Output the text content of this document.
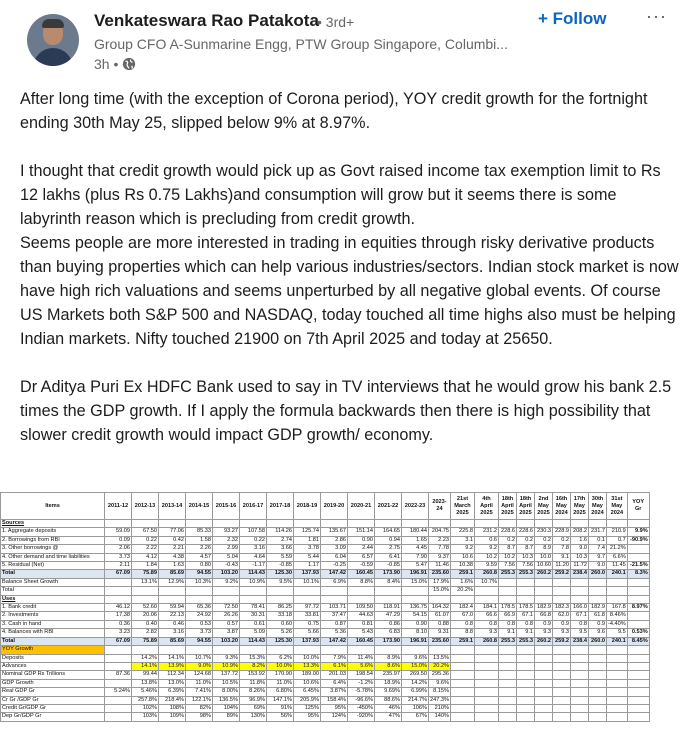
Venkateswara Rao Patakota
• 3rd+
Group CFO A-Sunmarine Engg, PTW Group Singapore, Columbi...
3h •
+ Follow ···

After long time (with the exception of Corona period), YOY credit growth for the fortnight ending 30th May 25, slipped below 9% at 8.97%.

I thought that credit growth would pick up as Govt raised income tax exemption limit to Rs 12 lakhs (plus Rs 0.75 Lakhs)and consumption will grow but it seems there is some labyrinth reason which is precluding from credit growth.

Seems people are more interested in trading in equities through risky derivative products than buying properties which can help various industries/sectors. Indian stock market is now have high rich valuations and seems unperturbed by all negative global events. Of course US Markets both S&P 500 and NASDAQ, today touched all time highs also must be helping Indian markets. Nifty touched 21900 on 7th April 2025 and today at 25650.

Dr Aditya Puri Ex HDFC Bank used to say in TV interviews that he would grow his bank 2.5 times the GDP growth. If I apply the formula backwards then there is high possibility that slower credit growth would impact GDP growth/ economy.

Items	2011-12	2012-13	2013-14	2014-15	2015-16	2016-17	2017-18	2018-19	2019-20	2020-21	2021-22	2022-23	2023-24	21st March 2025	4th April 2025	18th April 2025	18th April 2025	2nd May 2025	16th May 2024	17th May 2025	30th May 2024	31st May 2024	YOY Gr
Sources																							
1. Aggregate deposits	59.09	67.50	77.06	85.33	93.27	107.58	114.26	125.74	135.67	151.14	164.65	180.44	204.75	225.8	231.2	228.6	228.6	230.3	228.9	208.2	231.7	210.9	9.9%
2. Borrowings from RBI	0.09	0.22	0.42	1.58	2.32	0.22	2.74	1.81	2.86	0.90	0.94	1.65	2.23	3.1	0.6	0.2	0.2	0.2	0.2	1.6	0.1	0.7	-90.9%
3. Other borrowings @	2.06	2.22	2.21	2.26	2.99	3.16	3.66	3.78	3.09	2.44	2.75	4.45	7.78	9.2	9.2	8.7	8.7	8.9	7.8	9.0	7.4	21.2%	
4. Other demand and time liabilities	3.73	4.12	4.38	4.57	5.04	4.64	5.59	5.44	6.04	6.57	6.41	7.90	9.37	10.6	10.2	10.2	10.3	10.0	9.1	10.3	9.7	6.6%	
5. Residual (Net)	2.11	1.84	1.63	0.80	-0.43	-1.17	-0.85	1.17	-0.25	-0.59	-0.85	5.47	11.46	10.38	9.59	7.56	7.56	10.60	11.20	11.72	9.0	11.45	-21.5%
Total	67.09	75.89	85.69	94.55	103.20	114.43	125.30	137.93	147.42	160.45	173.90	196.91	235.60	259.1	260.8	255.3	255.3	260.2	259.2	238.4	260.0	240.1	8.3%
Balance Sheet Growth		13.1%	12.9%	10.3%	9.2%	10.9%	9.5%	10.1%	6.9%	8.8%	8.4%	15.0%	17.9%	1.6%	10.7%								
Total													15.0%	20.2%									
Uses																							
1. Bank credit	46.12	52.60	59.94	65.36	72.50	78.41	86.25	97.72	103.71	109.50	118.91	136.75	164.32	182.4	184.1	178.5	178.5	182.9	182.3	166.0	182.9	167.8	8.97%
2. Investments	17.38	20.06	22.13	24.92	26.26	30.31	33.18	33.81	37.47	44.63	47.29	54.15	61.07	67.0	66.6	66.9	67.1	66.8	62.0	67.1	61.8	8.46%	
3. Cash in hand	0.36	0.40	0.46	0.53	0.57	0.61	0.60	0.75	0.87	0.81	0.86	0.90	0.88	0.8	0.8	0.8	0.8	0.9	0.9	0.8	0.9	-4.40%	
4. Balances with RBI	3.23	2.82	3.16	3.73	3.87	5.09	5.26	5.66	5.36	5.43	6.83	8.10	9.31	8.8	9.3	9.1	9.1	9.3	9.3	9.5	9.6	9.5	0.53%
Total	67.09	75.89	85.69	94.55	103.20	114.43	125.30	137.93	147.42	160.45	173.90	196.91	235.60	259.1	260.8	255.3	255.3	260.2	259.2	238.4	260.0	240.1	8.45%
YOY Growth																							
Deposits		14.2%	14.1%	10.7%	9.3%	15.3%	6.2%	10.0%	7.9%	11.4%	8.9%	9.6%	13.5%										
Advances		14.1%	13.9%	9.0%	10.9%	8.2%	10.0%	13.3%	6.1%	5.6%	8.6%	15.0%	20.2%										
Nominal GDP Rs Trillions	87.36	99.44	112.34	124.68	137.72	153.92	170.90	189.00	201.03	198.54	235.97	269.50	295.36										
GDP Growth		13.8%	13.0%	11.0%	10.5%	11.8%	11.0%	10.6%	6.4%	-1.2%	18.9%	14.2%	9.6%										
Real GDP Gr	5.24%	5.46%	6.39%	7.41%	8.00%	8.26%	6.80%	6.45%	3.87%	-5.78%	9.69%	6.99%	8.15%										
Cr Gr /GDP Gr		257.8%	218.4%	122.1%	136.5%	96.9%	147.1%	205.9%	158.4%	-96.6%	88.6%	214.7%	247.3%										
Credit Gr/GDP Gr		102%	108%	82%	104%	69%	91%	125%	95%	-450%	46%	106%	210%										
Dep Gr/GDP Gr		103%	109%	98%	89%	130%	56%	95%	124%	-920%	47%	67%	140%										
